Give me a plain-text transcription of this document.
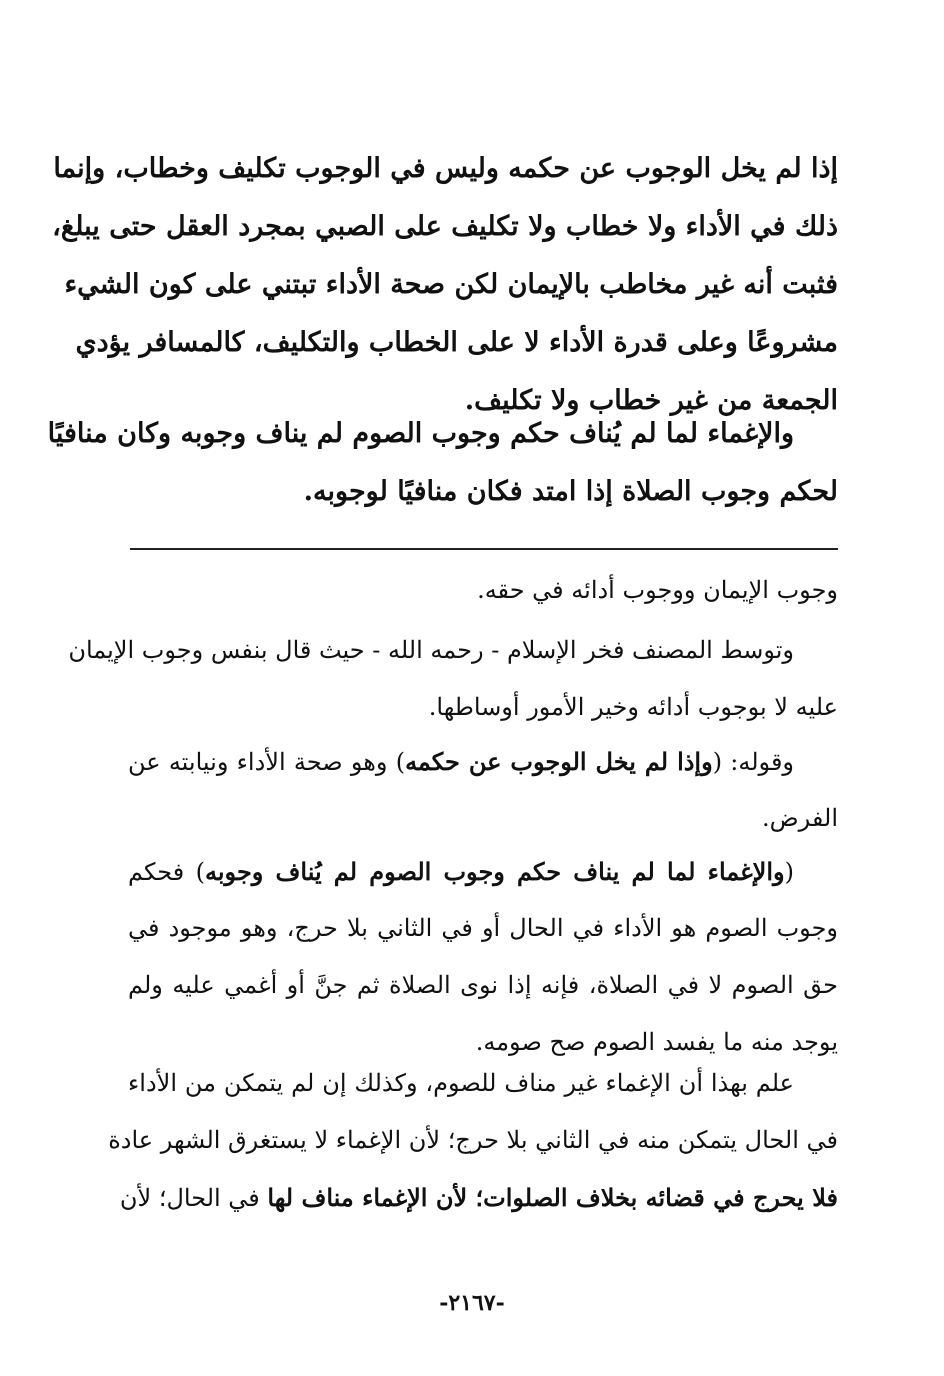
إذا لم يخل الوجوب عن حكمه وليس في الوجوب تكليف وخطاب، وإنما
ذلك في الأداء ولا خطاب ولا تكليف على الصبي بمجرد العقل حتى يبلغ،
فثبت أنه غير مخاطب بالإيمان لكن صحة الأداء تبتني على كون الشيء
مشروعًا وعلى قدرة الأداء لا على الخطاب والتكليف، كالمسافر يؤدي
الجمعة من غير خطاب ولا تكليف.
والإغماء لما لم يُناف حكم وجوب الصوم لم يناف وجوبه وكان منافيًا
لحكم وجوب الصلاة إذا امتد فكان منافيًا لوجوبه.
وجوب الإيمان ووجوب أدائه في حقه.
وتوسط المصنف فخر الإسلام - رحمه الله - حيث قال بنفس وجوب الإيمان
عليه لا بوجوب أدائه وخير الأمور أوساطها.
وقوله: (وإذا لم يخل الوجوب عن حكمه) وهو صحة الأداء ونيابته عن
الفرض.
(والإغماء لما لم يناف حكم وجوب الصوم لم يُناف وجوبه) فحكم
وجوب الصوم هو الأداء في الحال أو في الثاني بلا حرج، وهو موجود في
حق الصوم لا في الصلاة، فإنه إذا نوى الصلاة ثم جنَّ أو أغمي عليه ولم
يوجد منه ما يفسد الصوم صح صومه.
علم بهذا أن الإغماء غير مناف للصوم، وكذلك إن لم يتمكن من الأداء
في الحال يتمكن منه في الثاني بلا حرج؛ لأن الإغماء لا يستغرق الشهر عادة
فلا يحرج في قضائه بخلاف الصلوات؛ لأن الإغماء مناف لها في الحال؛ لأن
-٢١٦٧-
